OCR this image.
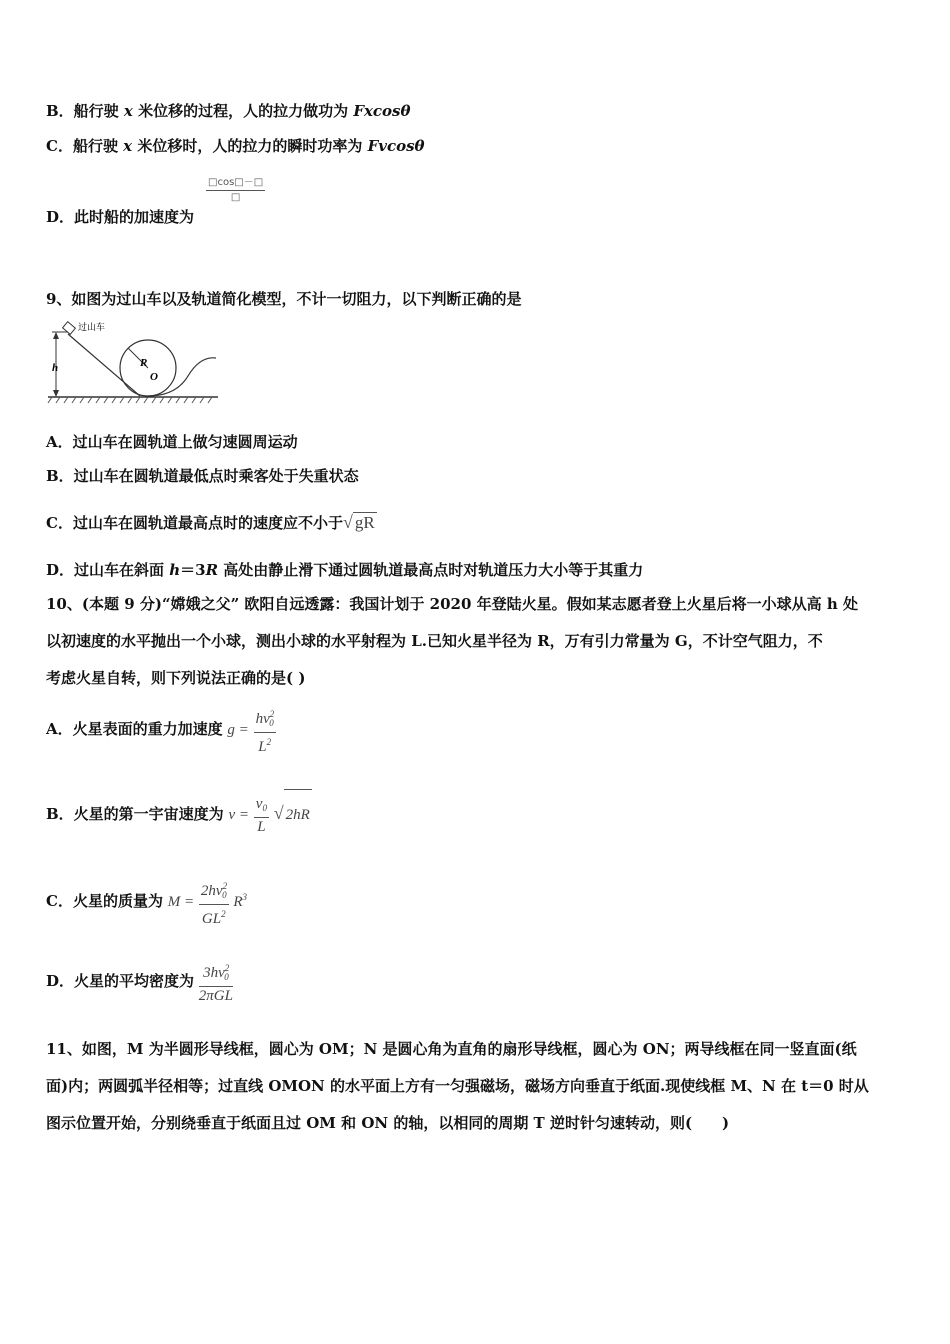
B．船行驶 x 米位移的过程，人的拉力做功为 Fxcosθ
C．船行驶 x 米位移时，人的拉力的瞬时功率为 Fvcosθ
$\frac{□\cos□-□}{□}$
D．此时船的加速度为
9、如图为过山车以及轨道简化模型，不计一切阻力，以下判断正确的是
h
过山车
R
O
A．过山车在圆轨道上做匀速圆周运动
B．过山车在圆轨道最低点时乘客处于失重状态
C．过山车在圆轨道最高点时的速度应不小于√ gR
D．过山车在斜面 h＝3R 高处由静止滑下通过圆轨道最高点时对轨道压力大小等于其重力
10、(本题 9 分)“嫦娥之父” 欧阳自远透露：我国计划于 2020 年登陆火星。假如某志愿者登上火星后将一小球从高 h 处
以初速度的水平抛出一个小球，测出小球的水平射程为 L.已知火星半径为 R，万有引力常量为 G，不计空气阻力，不
考虑火星自转，则下列说法正确的是( )
A．火星表面的重力加速度 $g = \frac{hv^2_0}{L^2}$
B．火星的第一宇宙速度为 $v = \frac{v_0}{L}$ √ 2hR
C．火星的质量为 $M = \frac{2hv^2_0}{GL^2} R^3$
D．火星的平均密度为 $\frac{3hv^2_0}{\text{2πGL}}$
11、如图，M 为半圆形导线框，圆心为 OM；N 是圆心角为直角的扇形导线框，圆心为 ON；两导线框在同一竖直面(纸
面)内；两圆弧半径相等；过直线 OMON 的水平面上方有一匀强磁场，磁场方向垂直于纸面.现使线框 M、N 在 t＝0 时从
图示位置开始，分别绕垂直于纸面且过 OM 和 ON 的轴，以相同的周期 T 逆时针匀速转动，则(　　)
